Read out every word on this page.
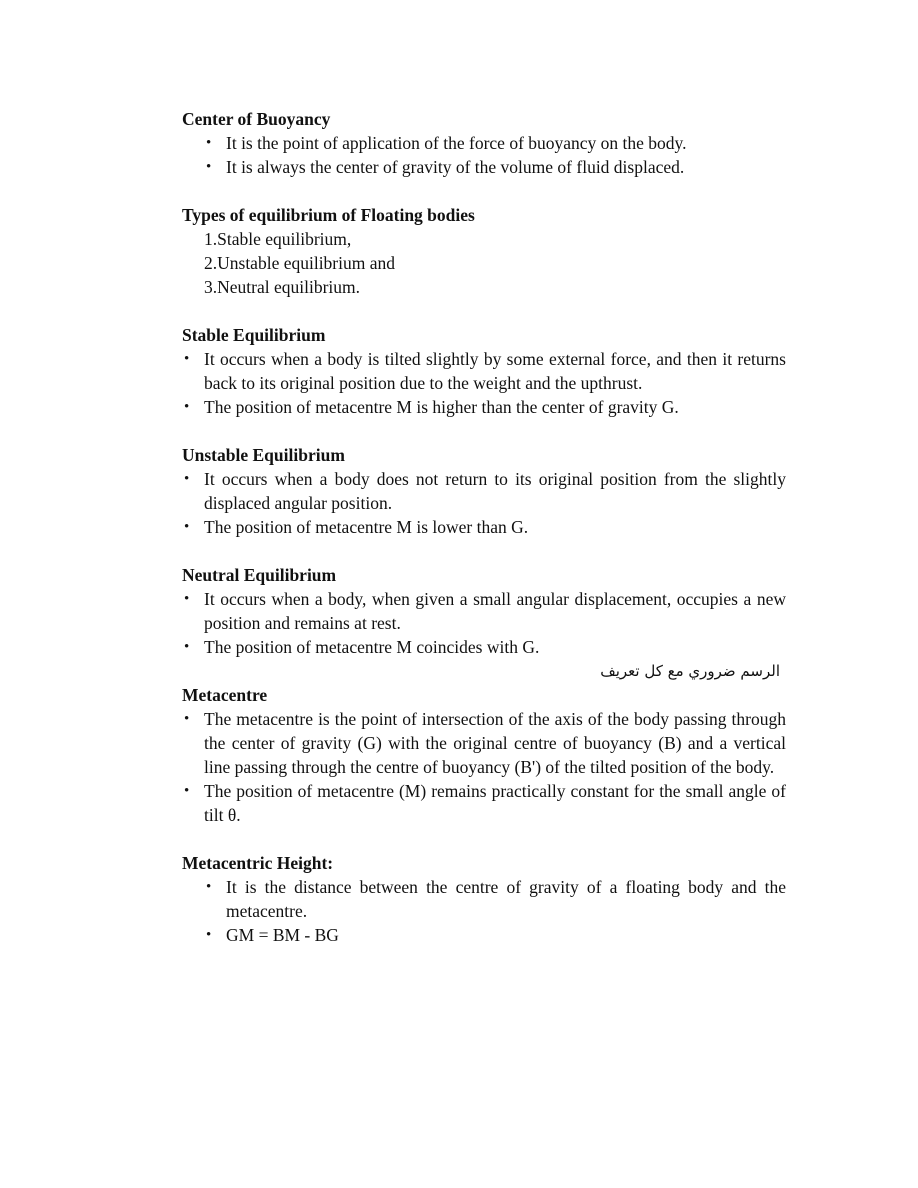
Center of Buoyancy
• It is the point of application of the force of buoyancy on the body.
• It is always the center of gravity of the volume of fluid displaced.
Types of equilibrium of Floating bodies
1.Stable equilibrium,
2.Unstable equilibrium and
3.Neutral equilibrium.
Stable Equilibrium
• It occurs when a body is tilted slightly by some external force, and then it returns back to its original position due to the weight and the upthrust.
• The position of metacentre M is higher than the center of gravity G.
Unstable Equilibrium
• It occurs when a body does not return to its original position from the slightly displaced angular position.
• The position of metacentre M is lower than G.
Neutral Equilibrium
• It occurs when a body, when given a small angular displacement, occupies a new position and remains at rest.
• The position of metacentre M coincides with G.
الرسم ضروري مع كل تعريف
Metacentre
• The metacentre is the point of intersection of the axis of the body passing through the center of gravity (G) with the original centre of buoyancy (B) and a vertical line passing through the centre of buoyancy (B') of the tilted position of the body.
• The position of metacentre (M) remains practically constant for the small angle of tilt θ.
Metacentric Height:
• It is the distance between the centre of gravity of a floating body and the metacentre.
• GM = BM - BG
